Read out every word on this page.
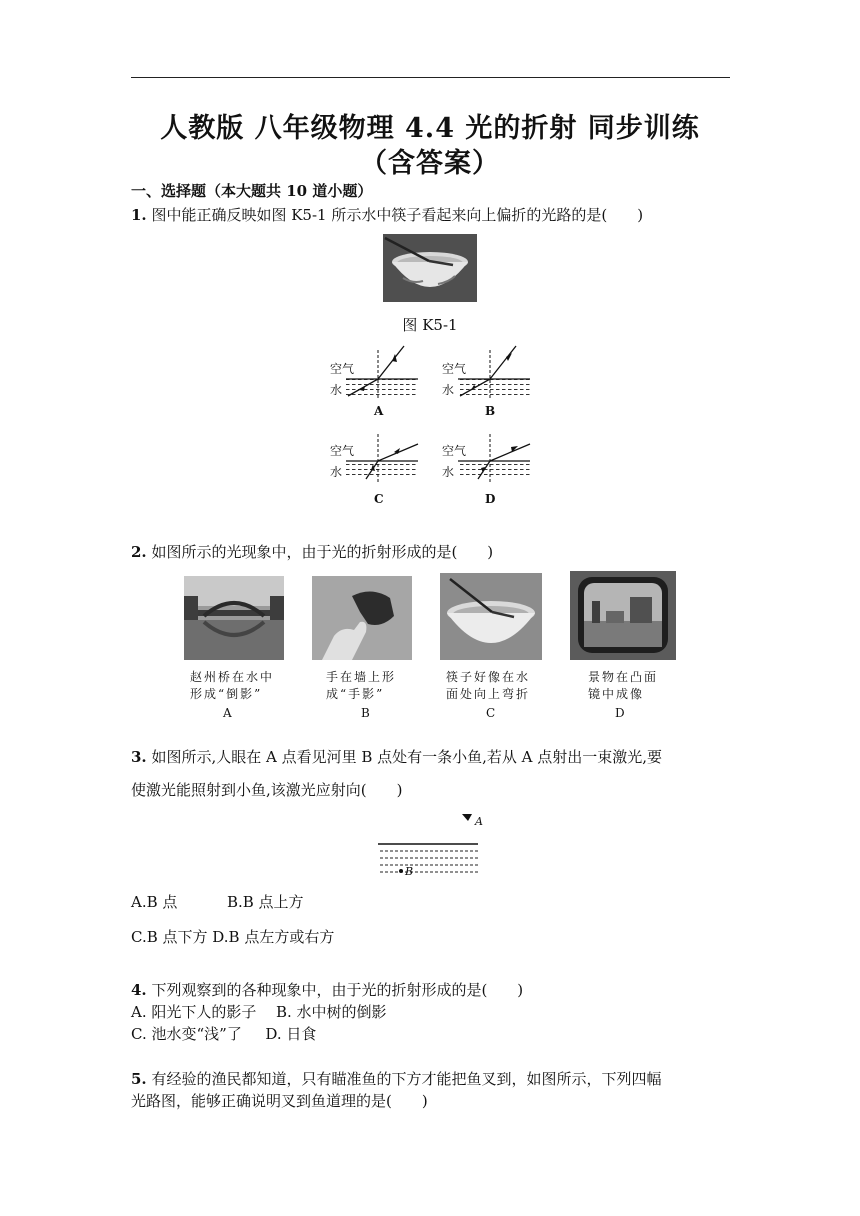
人教版 八年级物理 4.4 光的折射 同步训练
（含答案）
一、选择题（本大题共 10 道小题）
1. 图中能正确反映如图 K5-1 所示水中筷子看起来向上偏折的光路的是(　　)
图 K5-1
空气
水
A
空气
水
B
空气
水
C
空气
水
D
2. 如图所示的光现象中，由于光的折射形成的是(　　)
赵州桥在水中
形成“倒影”
A
手在墙上形
成“手影”
B
筷子好像在水
面处向上弯折
C
景物在凸面
镜中成像
D
3. 如图所示,人眼在 A 点看见河里 B 点处有一条小鱼,若从 A 点射出一束激光,要
使激光能照射到小鱼,该激光应射向(　　)
A
B
A.B 点	B.B 点上方
C.B 点下方 D.B 点左方或右方
4. 下列观察到的各种现象中，由于光的折射形成的是(　　)
A. 阳光下人的影子 B. 水中树的倒影
C. 池水变“浅”了 D. 日食
5. 有经验的渔民都知道，只有瞄准鱼的下方才能把鱼叉到，如图所示，下列四幅
光路图，能够正确说明叉到鱼道理的是(　　)
